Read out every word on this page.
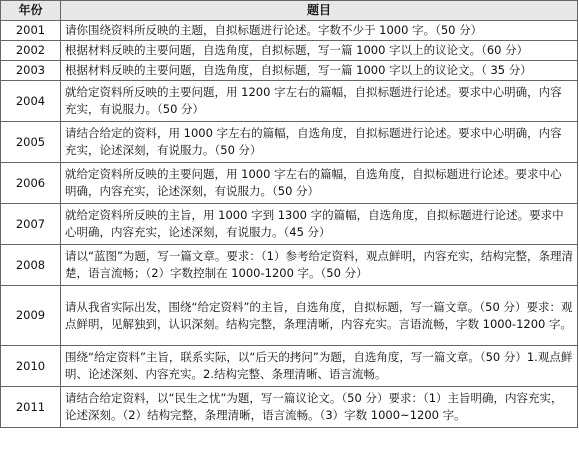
年份	题目
2001	请你围绕资料所反映的主题，自拟标题进行论述。字数不少于 1000 字。（50 分）
2002	根据材料反映的主要问题，自选角度，自拟标题，写一篇 1000 字以上的议论文。（60 分）
2003	根据材料反映的主要问题，自选角度，自拟标题，写一篇 1000 字以上的议论文。（ 35 分）
2004	就给定资料所反映的主要问题，用 1200 字左右的篇幅，自拟标题进行论述。要求中心明确，内容充实，有说服力。（50 分）
2005	请结合给定的资料，用 1000 字左右的篇幅，自选角度，自拟标题进行论述。要求中心明确，内容充实，论述深刻，有说服力。（50 分）
2006	就给定资料所反映的主要问题，用 1000 字左右的篇幅，自选角度，自拟标题进行论述。要求中心明确，内容充实，论述深刻，有说服力。（50 分）
2007	就给定资料所反映的主旨，用 1000 字到 1300 字的篇幅，自选角度，自拟标题进行论述。要求中心明确，内容充实，论述深刻，有说服力。（45 分）
2008	请以“蓝图”为题，写一篇文章。要求：（1）参考给定资料，观点鲜明，内容充实，结构完整，条理清楚，语言流畅；（2）字数控制在 1000-1200 字。（50 分）
2009	请从我省实际出发，围绕“给定资料”的主旨，自选角度，自拟标题，写一篇文章。（50 分）要求：观点鲜明，见解独到，认识深刻。结构完整，条理清晰，内容充实。言语流畅，字数 1000-1200 字。
2010	围绕“给定资料”主旨，联系实际，以“后天的拷问”为题，自选角度，写一篇文章。（50 分）1.观点鲜明、论述深刻、内容充实。2.结构完整、条理清晰、语言流畅。
2011	请结合给定资料，以“民生之忧”为题，写一篇议论文。（50 分）要求：（1）主旨明确，内容充实，论述深刻。（2）结构完整，条理清晰，语言流畅。（3）字数 1000~1200 字。
